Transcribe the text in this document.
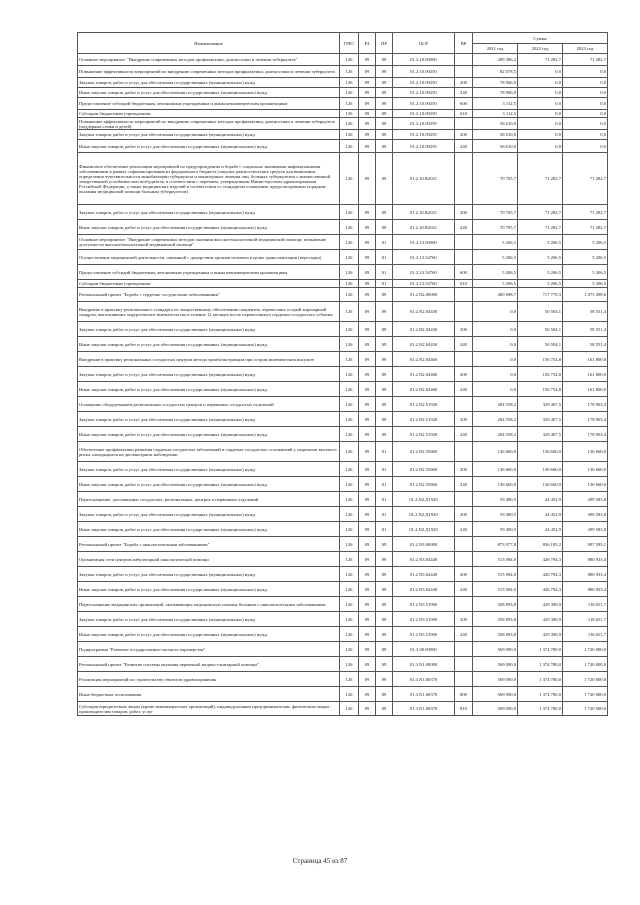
Наименование	ГРБС	РЗ	ПР	ЦСР	ВР	Сумма		
						2021 год	2022 год	2023 год
Основное мероприятие: "Внедрение современных методов профилактики, диагностики и лечения туберкулеза"	126	09	09	01.2.10.00000		209 386,2	71 282,7	71 282,7
Повышение эффективности мероприятий по внедрению современных методов профилактики, диагностики и лечения туберкулеза	126	09	09	01.2.10.09250		82 078,5	0,0	0,0
Закупка товаров, работ и услуг для обеспечения государственных (муниципальных) нужд	126	09	09	01.2.10.09250	200	78 966,0	0,0	0,0
Иные закупки товаров, работ и услуг для обеспечения государственных (муниципальных) нужд	126	09	09	01.2.10.09250	240	78 966,0	0,0	0,0
Предоставление субсидий бюджетным, автономным учреждениям и иным некоммерческим организациям	126	09	09	01.2.10.09250	600	3 112,5	0,0	0,0
Субсидии бюджетным учреждениям	126	09	09	01.2.10.09250	610	3 112,5	0,0	0,0
Повышение эффективности мероприятий по внедрению современных методов профилактики, диагностики и лечения туберкулеза (поддержка семьи и детей)	126	09	09	01.2.10.09259		56 610,0	0,0	0,0
Закупка товаров, работ и услуг для обеспечения государственных (муниципальных) нужд	126	09	09	01.2.10.09259	200	56 610,0	0,0	0,0
Иные закупки товаров, работ и услуг для обеспечения государственных (муниципальных) нужд	126	09	09	01.2.10.09259	240	56 610,0	0,0	0,0
Финансовое обеспечение реализации мероприятий по предупреждению и борьбе с социально значимыми инфекционными заболеваниями в рамках софинансирования из федерального бюджета (закупка диагностических средств для выявления, определения чувствительности микобактерии туберкулеза и мониторинга лечения лиц, больных туберкулезом с множественной лекарственной устойчивостью возбудителя, в соответствии с перечнем, утвержденным Министерством здравоохранения Российской Федерации, а также медицинских изделий в соответствии со стандартом оснащения, предусмотренным порядком оказания медицинской помощи больным туберкулезом)	126	09	09	01.2.10.R2021		70 705,7	71 282,7	71 282,7
Закупка товаров, работ и услуг для обеспечения государственных (муниципальных) нужд	126	09	09	01.2.10.R2021	200	70 705,7	71 282,7	71 282,7
Иные закупки товаров, работ и услуг для обеспечения государственных (муниципальных) нужд	126	09	09	01.2.10.R2021	240	70 705,7	71 282,7	71 282,7
Основное мероприятие: "Внедрение современных методов оказания высокотехнологичной медицинской помощи; повышение доступности высокотехнологичной медицинской помощи"	126	09	01	01.2.13.00000		5 206,5	5 206,5	5 206,5
Осуществление медицинской деятельности, связанной с донорством органов человека в целях трансплантации (пересадки)	126	09	01	01.2.13.54760		5 206,5	5 206,5	5 206,5
Предоставление субсидий бюджетным, автономным учреждениям и иным некоммерческим организациям	126	09	01	01.2.13.54760	600	5 206,5	5 206,5	5 206,5
Субсидии бюджетным учреждениям	126	09	01	01.2.13.54760	610	5 206,5	5 206,5	5 206,5
Региональный проект "Борьба с сердечно-сосудистыми заболеваниями"	126	09	09	01.2.N2.00000		400 698,7	717 779,3	1 075 498,6
Внедрение в практику регионального стандарта по лекарственному обеспечению пациентов, перенесших острый коронарный синдром, выполнивших хирургическое вмешательство в течение 12 месяцев после перенесенного сердечно-сосудистого события	126	09	09	01.2.N2.04430		0,0	50 504,1	58 551,4
Закупка товаров, работ и услуг для обеспечения государственных (муниципальных) нужд	126	09	09	01.2.N2.04430	200	0,0	50 504,1	58 551,4
Иные закупки товаров, работ и услуг для обеспечения государственных (муниципальных) нужд	126	09	09	01.2.N2.04430	240	0,0	50 504,1	58 551,4
Внедрение в практику региональных сосудистых центров метода тромбоэкстракции при остром ишемическом инсульте	126	09	09	01.2.N2.04460		0,0	156 754,8	161 800,0
Закупка товаров, работ и услуг для обеспечения государственных (муниципальных) нужд	126	09	09	01.2.N2.04460	200	0,0	156 754,8	161 800,0
Иные закупки товаров, работ и услуг для обеспечения государственных (муниципальных) нужд	126	09	09	01.2.N2.04460	240	0,0	156 754,8	161 800,0
Оснащение оборудованием региональных сосудистых центров и первичных сосудистых отделений	126	09	09	01.2.N2.51920		204 558,2	329 407,5	178 903,4
Закупка товаров, работ и услуг для обеспечения государственных (муниципальных) нужд	126	09	09	01.2.N2.51920	200	204 558,2	329 407,5	178 903,4
Иные закупки товаров, работ и услуг для обеспечения государственных (муниципальных) нужд	126	09	09	01.2.N2.51920	240	204 558,2	329 407,5	178 903,4
Обеспечение профилактики развития сердечно-сосудистых заболеваний и сердечно-сосудистых осложнений у пациентов высокого риска, находящихся на диспансерном наблюдении	126	09	01	01.2.N2.55860		136 660,0	136 660,0	136 660,0
Закупка товаров, работ и услуг для обеспечения государственных (муниципальных) нужд	126	09	01	01.2.N2.55860	200	136 660,0	136 660,0	136 660,0
Иные закупки товаров, работ и услуг для обеспечения государственных (муниципальных) нужд	126	09	01	01.2.N2.55860	240	136 660,0	136 660,0	136 660,0
Переоснащение, дооснащение сосудистых, региональных, центров и первичных отделений	126	09	01	01.2.N2.Д1920		59 480,5	44 452,9	499 583,8
Закупка товаров, работ и услуг для обеспечения государственных (муниципальных) нужд	126	09	01	01.2.N2.Д1920	200	59 480,5	44 452,9	499 583,8
Иные закупки товаров, работ и услуг для обеспечения государственных (муниципальных) нужд	126	09	01	01.2.N2.Д1920	240	59 480,5	44 452,9	499 583,8
Региональный проект "Борьба с онкологическими заболеваниями"	126	09	09	01.2.N3.00000		873 977,8	856 185,2	997 595,1
Организация сети центров амбулаторной онкологической помощи	126	09	09	01.2.N3.04440		515 084,0	426 794,3	880 933,4
Закупка товаров, работ и услуг для обеспечения государственных (муниципальных) нужд	126	09	09	01.2.N3.04440	200	515 084,0	426 794,3	880 933,4
Иные закупки товаров, работ и услуг для обеспечения государственных (муниципальных) нужд	126	09	09	01.2.N3.04440	240	515 084,0	426 794,3	880 933,4
Переоснащение медицинских организаций, оказывающих медицинскую помощь больным с онкологическими заболеваниями	126	09	09	01.2.N3.51900		358 893,8	429 390,9	116 651,7
Закупка товаров, работ и услуг для обеспечения государственных (муниципальных) нужд	126	09	09	01.2.N3.51900	200	358 893,8	429 390,9	116 651,7
Иные закупки товаров, работ и услуг для обеспечения государственных (муниципальных) нужд	126	09	09	01.2.N3.51900	240	358 893,8	429 390,9	116 651,7
Подпрограмма "Развитие государственно-частного партнерства"	126	09	09	01.3.00.00000		569 090,0	1 374 780,0	1 720 000,0
Региональный проект "Развитие системы оказания первичной медико-санитарной помощи"	126	09	09	01.3.N1.00000		569 090,0	1 374 780,0	1 720 000,0
Реализация мероприятий по строительству объектов здравоохранения	126	09	09	01.3.N1.00370		569 090,0	1 374 780,0	1 720 000,0
Иные бюджетные ассигнования	126	09	09	01.3.N1.00370	800	569 090,0	1 374 780,0	1 720 000,0
Субсидии юридическим лицам (кроме некоммерческих организаций), индивидуальным предпринимателям, физическим лицам - производителям товаров, работ, услуг	126	09	09	01.3.N1.00370	810	569 090,0	1 374 780,0	1 720 000,0
Страница 45 из 87
